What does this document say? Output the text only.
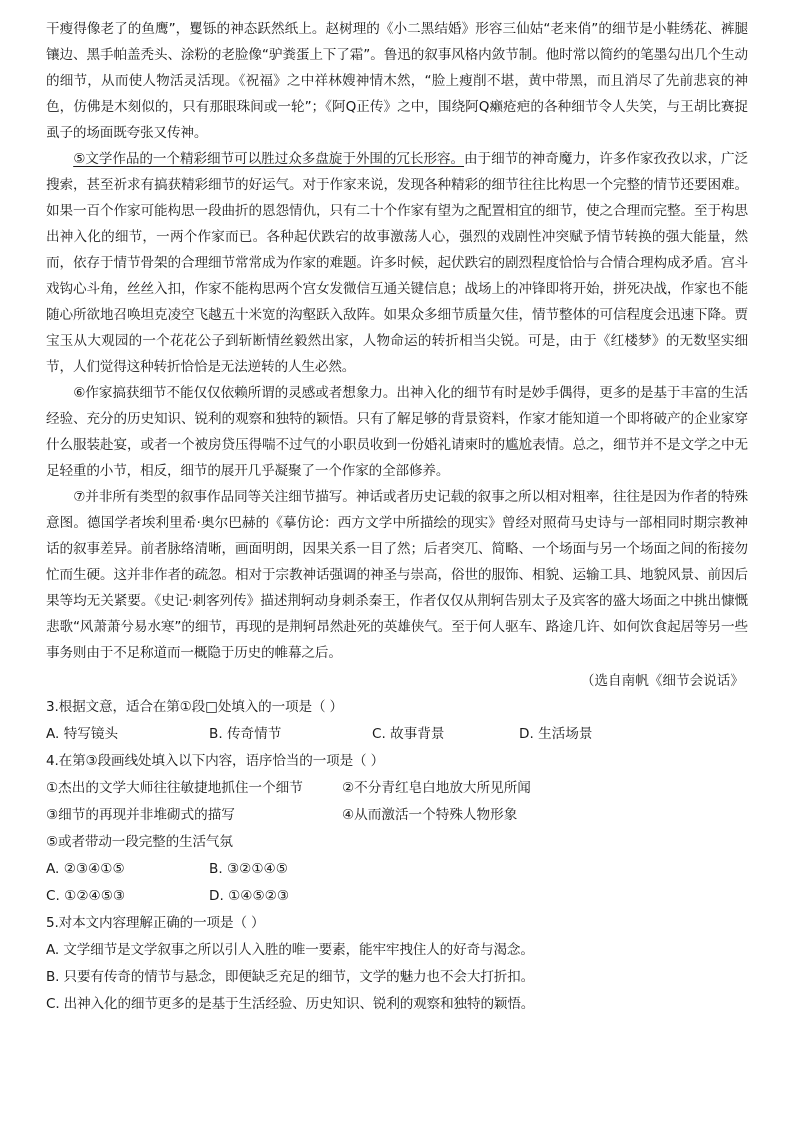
干瘦得像老了的鱼鹰”，矍铄的神态跃然纸上。赵树理的《小二黑结婚》形容三仙姑“老来俏”的细节是小鞋绣花、裤腿镶边、黑手帕盖秃头、涂粉的老脸像“驴粪蛋上下了霜”。鲁迅的叙事风格内敛节制。他时常以简约的笔墨勾出几个生动的细节，从而使人物活灵活现。《祝福》之中祥林嫂神情木然，“脸上瘦削不堪，黄中带黑，而且消尽了先前悲哀的神色，仿佛是木刻似的，只有那眼珠间或一轮”；《阿Q正传》之中，围绕阿Q癞疮疤的各种细节令人失笑，与王胡比赛捉虱子的场面既夸张又传神。

⑤文学作品的一个精彩细节可以胜过众多盘旋于外围的冗长形容。由于细节的神奇魔力，许多作家孜孜以求，广泛搜索，甚至祈求有搞获精彩细节的好运气。对于作家来说，发现各种精彩的细节往往比构思一个完整的情节还要困难。如果一百个作家可能构思一段曲折的恩怨情仇，只有二十个作家有望为之配置相宜的细节，使之合理而完整。至于构思出神入化的细节，一两个作家而已。各种起伏跌宕的故事激荡人心，强烈的戏剧性冲突赋予情节转换的强大能量，然而，依存于情节骨架的合理细节常常成为作家的难题。许多时候，起伏跌宕的剧烈程度恰恰与合情合理构成矛盾。宫斗戏钩心斗角，丝丝入扣，作家不能构思两个宫女发微信互通关键信息；战场上的冲锋即将开始，拼死决战，作家也不能随心所欲地召唤坦克凌空飞越五十米宽的沟壑跃入敌阵。如果众多细节质量欠佳，情节整体的可信程度会迅速下降。贾宝玉从大观园的一个花花公子到斩断情丝毅然出家，人物命运的转折相当尖锐。可是，由于《红楼梦》的无数坚实细节，人们觉得这种转折恰恰是无法逆转的人生必然。

⑥作家搞获细节不能仅仅依赖所谓的灵感或者想象力。出神入化的细节有时是妙手偶得，更多的是基于丰富的生活经验、充分的历史知识、锐利的观察和独特的颖悟。只有了解足够的背景资料，作家才能知道一个即将破产的企业家穿什么服装赴宴，或者一个被房贷压得喘不过气的小职员收到一份婚礼请柬时的尴尬表情。总之，细节并不是文学之中无足轻重的小节，相反，细节的展开几乎凝聚了一个作家的全部修养。

⑦并非所有类型的叙事作品同等关注细节描写。神话或者历史记载的叙事之所以相对粗率，往往是因为作者的特殊意图。德国学者埃利里希·奥尔巴赫的《摹仿论：西方文学中所描绘的现实》曾经对照荷马史诗与一部相同时期宗教神话的叙事差异。前者脉络清晰，画面明朗，因果关系一目了然；后者突兀、简略、一个场面与另一个场面之间的衔接勿忙而生硬。这并非作者的疏忽。相对于宗教神话强调的神圣与崇高，俗世的服饰、相貌、运输工具、地貌风景、前因后果等均无关紧要。《史记·刺客列传》描述荆轲动身刺杀秦王，作者仅仅从荆轲告别太子及宾客的盛大场面之中挑出慷慨悲歌“风萧萧兮易水寒”的细节，再现的是荆轲昂然赴死的英雄侠气。至于何人驱车、路途几许、如何饮食起居等另一些事务则由于不足称道而一概隐于历史的帷幕之后。

（选自南帆《细节会说话》

3.根据文意，适合在第①段□处填入的一项是（ ）

A. 特写镜头	B. 传奇情节	C. 故事背景	D. 生活场景

4.在第③段画线处填入以下内容，语序恰当的一项是（ ）

①杰出的文学大师往往敏捷地抓住一个细节	②不分青红皂白地放大所见所闻
③细节的再现并非堆砌式的描写	④从而激活一个特殊人物形象

⑤或者带动一段完整的生活气氛

A. ②③④①⑤	B. ③②①④⑤
C. ①②④⑤③	D. ①④⑤②③

5.对本文内容理解正确的一项是（ ）

A. 文学细节是文学叙事之所以引人入胜的唯一要素，能牢牢拽住人的好奇与渴念。

B. 只要有传奇的情节与悬念，即便缺乏充足的细节，文学的魅力也不会大打折扣。

C. 出神入化的细节更多的是基于生活经验、历史知识、锐利的观察和独特的颖悟。
